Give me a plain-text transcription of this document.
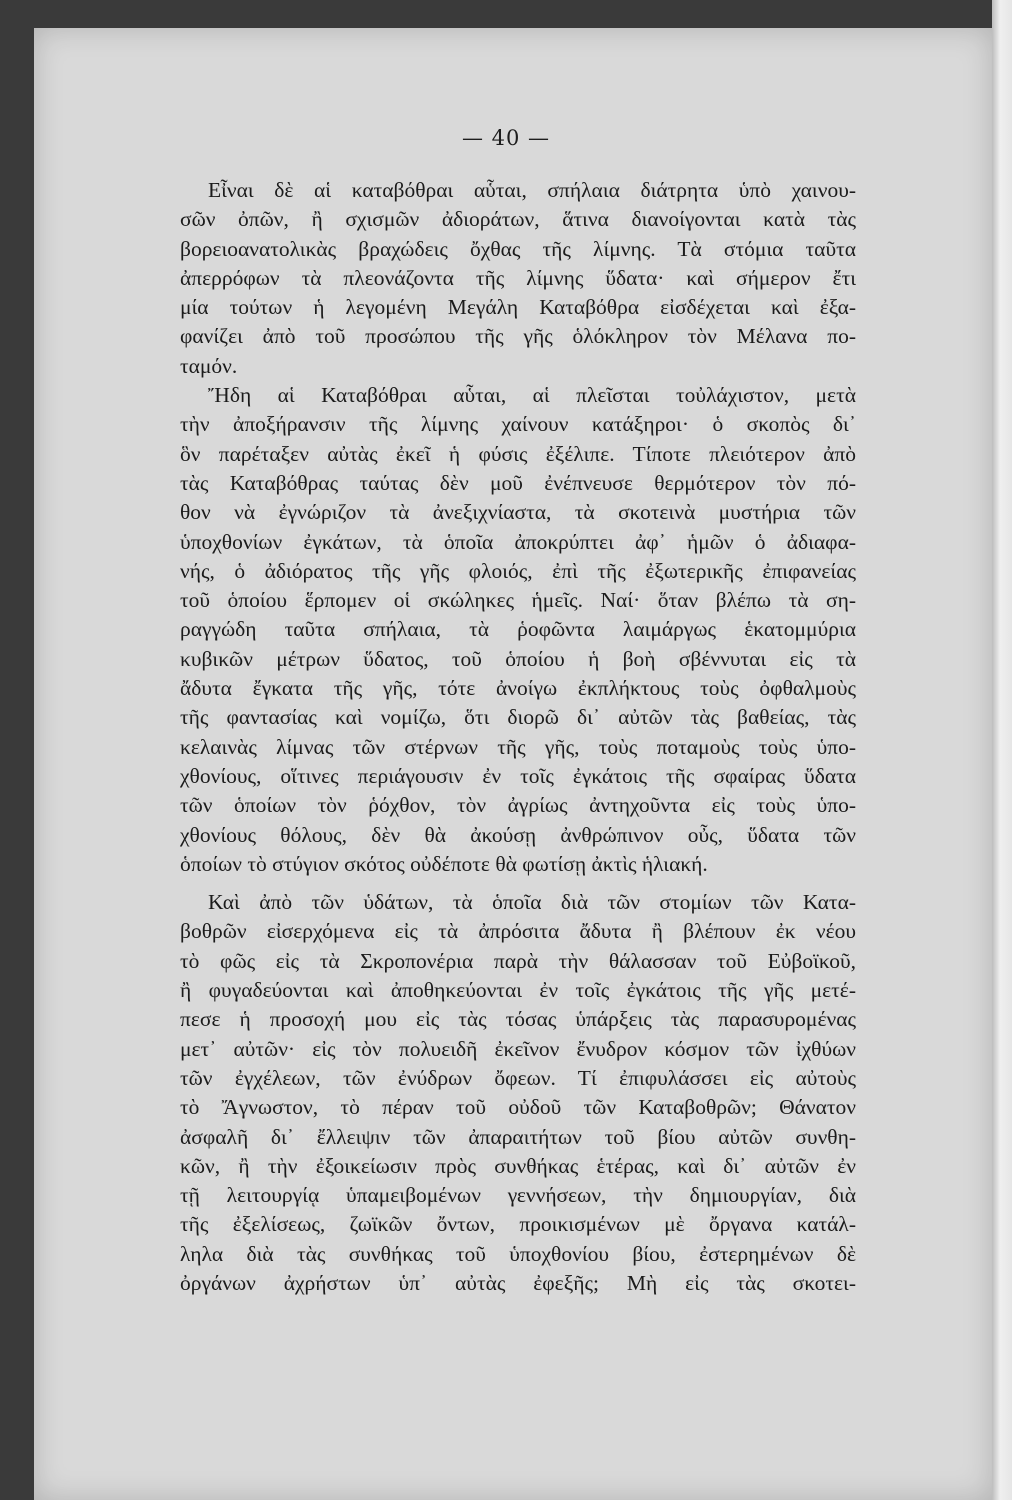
— 40 —
Εἶναι δὲ αἱ καταβόθραι αὗται, σπήλαια διάτρητα ὑπὸ χαινου-
σῶν ὀπῶν, ἢ σχισμῶν ἀδιοράτων, ἅτινα διανοίγονται κατὰ τὰς
βορειοανατολικὰς βραχώδεις ὄχθας τῆς λίμνης. Τὰ στόμια ταῦτα
ἀπερρόφων τὰ πλεονάζοντα τῆς λίμνης ὕδατα· καὶ σήμερον ἔτι
μία τούτων ἡ λεγομένη Μεγάλη Καταβόθρα εἰσδέχεται καὶ ἐξα-
φανίζει ἀπὸ τοῦ προσώπου τῆς γῆς ὁλόκληρον τὸν Μέλανα πο-
ταμόν.
Ἤδη αἱ Καταβόθραι αὗται, αἱ πλεῖσται τοὐλάχιστον, μετὰ
τὴν ἀποξήρανσιν τῆς λίμνης χαίνουν κατάξηροι· ὁ σκοπὸς δι᾽
ὃν παρέταξεν αὐτὰς ἐκεῖ ἡ φύσις ἐξέλιπε. Τίποτε πλειότερον ἀπὸ
τὰς Καταβόθρας ταύτας δὲν μοῦ ἐνέπνευσε θερμότερον τὸν πό-
θον νὰ ἐγνώριζον τὰ ἀνεξιχνίαστα, τὰ σκοτεινὰ μυστήρια τῶν
ὑποχθονίων ἐγκάτων, τὰ ὁποῖα ἀποκρύπτει ἀφ᾽ ἡμῶν ὁ ἀδιαφα-
νής, ὁ ἀδιόρατος τῆς γῆς φλοιός, ἐπὶ τῆς ἐξωτερικῆς ἐπιφανείας
τοῦ ὁποίου ἕρπομεν οἱ σκώληκες ἡμεῖς. Ναί· ὅταν βλέπω τὰ ση-
ραγγώδη ταῦτα σπήλαια, τὰ ῥοφῶντα λαιμάργως ἑκατομμύρια
κυβικῶν μέτρων ὕδατος, τοῦ ὁποίου ἡ βοὴ σβέννυται εἰς τὰ
ἄδυτα ἔγκατα τῆς γῆς, τότε ἀνοίγω ἐκπλήκτους τοὺς ὀφθαλμοὺς
τῆς φαντασίας καὶ νομίζω, ὅτι διορῶ δι᾽ αὐτῶν τὰς βαθείας, τὰς
κελαινὰς λίμνας τῶν στέρνων τῆς γῆς, τοὺς ποταμοὺς τοὺς ὑπο-
χθονίους, οἵτινες περιάγουσιν ἐν τοῖς ἐγκάτοις τῆς σφαίρας ὕδατα
τῶν ὁποίων τὸν ῥόχθον, τὸν ἀγρίως ἀντηχοῦντα εἰς τοὺς ὑπο-
χθονίους θόλους, δὲν θὰ ἀκούσῃ ἀνθρώπινον οὖς, ὕδατα τῶν
ὁποίων τὸ στύγιον σκότος οὐδέποτε θὰ φωτίσῃ ἀκτὶς ἡλιακή.
Καὶ ἀπὸ τῶν ὑδάτων, τὰ ὁποῖα διὰ τῶν στομίων τῶν Κατα-
βοθρῶν εἰσερχόμενα εἰς τὰ ἀπρόσιτα ἄδυτα ἢ βλέπουν ἐκ νέου
τὸ φῶς εἰς τὰ Σκροπονέρια παρὰ τὴν θάλασσαν τοῦ Εὐβοϊκοῦ,
ἢ φυγαδεύονται καὶ ἀποθηκεύονται ἐν τοῖς ἐγκάτοις τῆς γῆς μετέ-
πεσε ἡ προσοχή μου εἰς τὰς τόσας ὑπάρξεις τὰς παρασυρομένας
μετ᾽ αὐτῶν· εἰς τὸν πολυειδῆ ἐκεῖνον ἔνυδρον κόσμον τῶν ἰχθύων
τῶν ἐγχέλεων, τῶν ἐνύδρων ὄφεων. Τί ἐπιφυλάσσει εἰς αὐτοὺς
τὸ Ἄγνωστον, τὸ πέραν τοῦ οὐδοῦ τῶν Καταβοθρῶν; Θάνατον
ἀσφαλῆ δι᾽ ἔλλειψιν τῶν ἀπαραιτήτων τοῦ βίου αὐτῶν συνθη-
κῶν, ἢ τὴν ἐξοικείωσιν πρὸς συνθήκας ἑτέρας, καὶ δι᾽ αὐτῶν ἐν
τῇ λειτουργίᾳ ὑπαμειβομένων γεννήσεων, τὴν δημιουργίαν, διὰ
τῆς ἐξελίσεως, ζωϊκῶν ὄντων, προικισμένων μὲ ὄργανα κατάλ-
ληλα διὰ τὰς συνθήκας τοῦ ὑποχθονίου βίου, ἐστερημένων δὲ
ὀργάνων ἀχρήστων ὑπ᾽ αὐτὰς ἐφεξῆς; Μὴ εἰς τὰς σκοτει-
